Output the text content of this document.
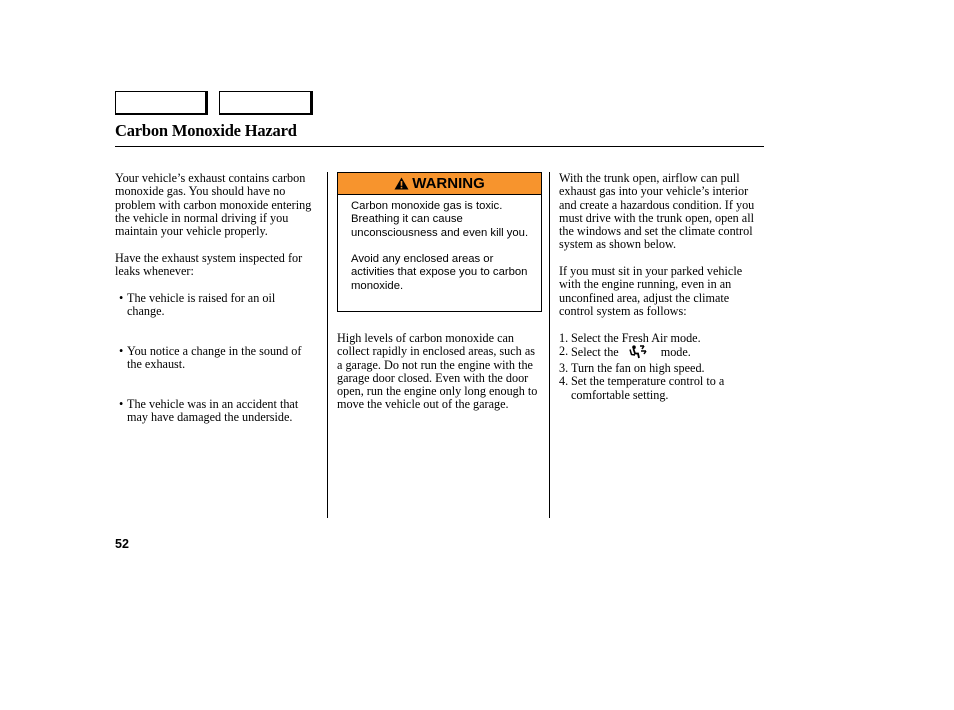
Carbon Monoxide Hazard

Your vehicle’s exhaust contains carbon monoxide gas. You should have no problem with carbon monoxide entering the vehicle in normal driving if you maintain your vehicle properly.

Have the exhaust system inspected for leaks whenever:

• The vehicle is raised for an oil change.

• You notice a change in the sound of the exhaust.

• The vehicle was in an accident that may have damaged the underside.

WARNING

Carbon monoxide gas is toxic. Breathing it can cause unconsciousness and even kill you.

Avoid any enclosed areas or activities that expose you to carbon monoxide.

High levels of carbon monoxide can collect rapidly in enclosed areas, such as a garage. Do not run the engine with the garage door closed. Even with the door open, run the engine only long enough to move the vehicle out of the garage.

With the trunk open, airflow can pull exhaust gas into your vehicle’s interior and create a hazardous condition. If you must drive with the trunk open, open all the windows and set the climate control system as shown below.

If you must sit in your parked vehicle with the engine running, even in an unconfined area, adjust the climate control system as follows:

1. Select the Fresh Air mode.

2. Select the	mode.

3. Turn the fan on high speed.

4. Set the temperature control to a comfortable setting.

52
